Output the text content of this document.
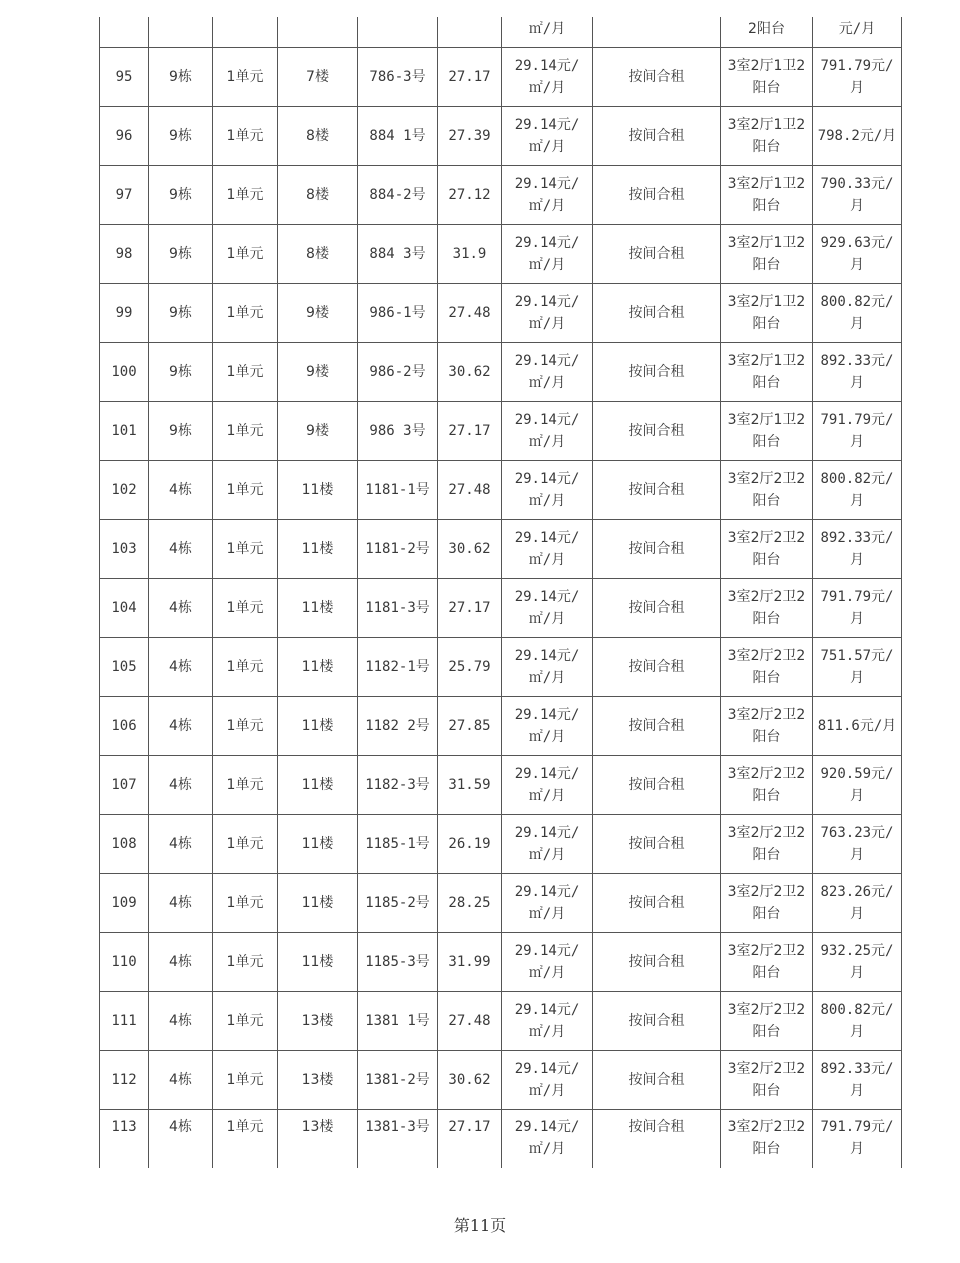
						㎡/月		2阳台	元/月
95	9栋	1单元	7楼	786-3号	27.17	29.14元/㎡/月	按间合租	3室2厅1卫2阳台	791.79元/月
96	9栋	1单元	8楼	884 1号	27.39	29.14元/㎡/月	按间合租	3室2厅1卫2阳台	798.2元/月
97	9栋	1单元	8楼	884-2号	27.12	29.14元/㎡/月	按间合租	3室2厅1卫2阳台	790.33元/月
98	9栋	1单元	8楼	884 3号	31.9	29.14元/㎡/月	按间合租	3室2厅1卫2阳台	929.63元/月
99	9栋	1单元	9楼	986-1号	27.48	29.14元/㎡/月	按间合租	3室2厅1卫2阳台	800.82元/月
100	9栋	1单元	9楼	986-2号	30.62	29.14元/㎡/月	按间合租	3室2厅1卫2阳台	892.33元/月
101	9栋	1单元	9楼	986 3号	27.17	29.14元/㎡/月	按间合租	3室2厅1卫2阳台	791.79元/月
102	4栋	1单元	11楼	1181-1号	27.48	29.14元/㎡/月	按间合租	3室2厅2卫2阳台	800.82元/月
103	4栋	1单元	11楼	1181-2号	30.62	29.14元/㎡/月	按间合租	3室2厅2卫2阳台	892.33元/月
104	4栋	1单元	11楼	1181-3号	27.17	29.14元/㎡/月	按间合租	3室2厅2卫2阳台	791.79元/月
105	4栋	1单元	11楼	1182-1号	25.79	29.14元/㎡/月	按间合租	3室2厅2卫2阳台	751.57元/月
106	4栋	1单元	11楼	1182 2号	27.85	29.14元/㎡/月	按间合租	3室2厅2卫2阳台	811.6元/月
107	4栋	1单元	11楼	1182-3号	31.59	29.14元/㎡/月	按间合租	3室2厅2卫2阳台	920.59元/月
108	4栋	1单元	11楼	1185-1号	26.19	29.14元/㎡/月	按间合租	3室2厅2卫2阳台	763.23元/月
109	4栋	1单元	11楼	1185-2号	28.25	29.14元/㎡/月	按间合租	3室2厅2卫2阳台	823.26元/月
110	4栋	1单元	11楼	1185-3号	31.99	29.14元/㎡/月	按间合租	3室2厅2卫2阳台	932.25元/月
111	4栋	1单元	13楼	1381 1号	27.48	29.14元/㎡/月	按间合租	3室2厅2卫2阳台	800.82元/月
112	4栋	1单元	13楼	1381-2号	30.62	29.14元/㎡/月	按间合租	3室2厅2卫2阳台	892.33元/月
113	4栋	1单元	13楼	1381-3号	27.17	29.14元/㎡/月	按间合租	3室2厅2卫2阳台	791.79元/月
第11页
